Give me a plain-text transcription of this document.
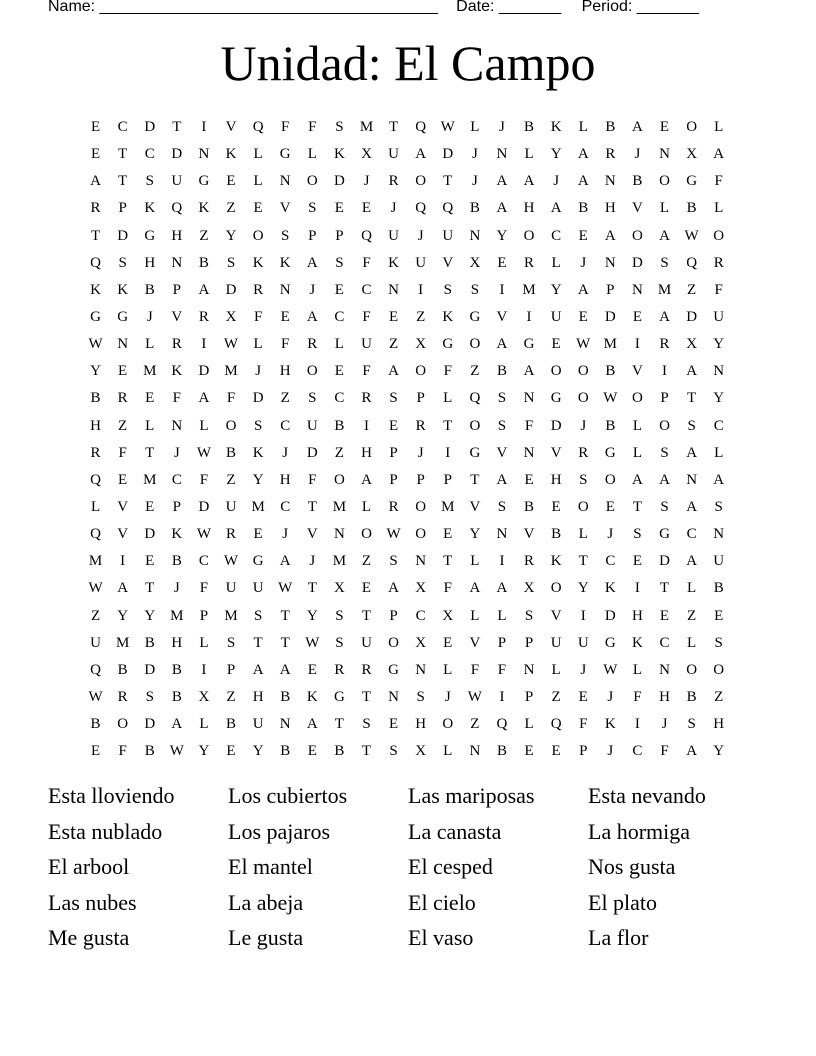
Name: ______________________________________ Date: _______ Period: _______
Unidad: El Campo
E	C	D	T	I	V	Q	F	F	S	M	T	Q W	L	J	B	K	L	B	A	E	O	L
E	T	C	D	N	K	L	G	L	K	X	U	A	D	J	N	L	Y	A	R	J	N	X	A
A	T	S	U	G	E	L	N	O	D	J	R	O	T	J	A	A	J	A	N	B	O	G	F
R	P	K	Q	K	Z	E	V	S	E	E	J	Q	Q	B	A	H	A	B	H	V	L	B	L
T	D	G	H	Z	Y	O	S	P	P	Q	U	J	U	N	Y	O	C	E	A	O	A W O
Q	S	H	N	B	S	K	K	A	S	F	K	U	V	X	E	R	L	J	N	D	S	Q	R
K	K	B	P	A	D	R	N	J	E	C	N	I	S	S	I	M	Y	A	P	N	M	Z	F
G	G	J	V	R	X	F	E	A	C	F	E	Z	K	G	V	I	U	E	D	E	A	D	U
W N	L	R	I	W	L	F	R	L	U	Z	X	G	O	A	G	E	W M	I	R	X	Y
Y	E	M	K	D	M	J	H	O	E	F	A	O	F	Z	B	A	O	O	B	V	I	A	N
B	R	E	F	A	F	D	Z	S	C	R	S	P	L	Q	S	N	G	O W O	P	T	Y
H	Z	L	N	L	O	S	C	U	B	I	E	R	T	O	S	F	D	J	B	L	O	S	C
R	F	T	J	W	B	K	J	D	Z	H	P	J	I	G	V	N	V	R	G	L	S	A	L
Q	E	M	C	F	Z	Y	H	F	O	A	P	P	P	T	A	E	H	S	O	A	A	N	A
L	V	E	P	D	U	M	C	T	M	L	R	O	M	V	S	B	E	O	E	T	S	A	S
Q	V	D	K W	R	E	J	V	N	O W O	E	Y	N	V	B	L	J	S	G	C	N
M	I	E	B	C	W G	A	J	M	Z	S	N	T	L	I	R	K	T	C	E	D	A	U
W A	T	J	F	U	U W	T	X	E	A	X	F	A	A	X	O	Y	K	I	T	L	B
Z	Y	Y	M	P	M	S	T	Y	S	T	P	C	X	L	L	S	V	I	D	H	E	Z	E
U	M	B	H	L	S	T	T	W	S	U	O	X	E	V	P	P	U	U	G	K	C	L	S
Q	B	D	B	I	P	A	A	E	R	R	G	N	L	F	F	N	L	J	W	L	N	O	O
W	R	S	B	X	Z	H	B	K	G	T	N	S	J	W	I	P	Z	E	J	F	H	B	Z
B	O	D	A	L	B	U	N	A	T	S	E	H	O	Z	Q	L	Q	F	K	I	J	S	H
E	F	B	W Y	E	Y	B	E	B	T	S	X	L	N	B	E	E	P	J	C	F	A	Y
Esta lloviendo	Los cubiertos	Las mariposas	Esta nevando
Esta nublado	Los pajaros	La canasta	La hormiga
El arbool	El mantel	El cesped	Nos gusta
Las nubes	La abeja	El cielo	El plato
Me gusta	Le gusta	El vaso	La flor
